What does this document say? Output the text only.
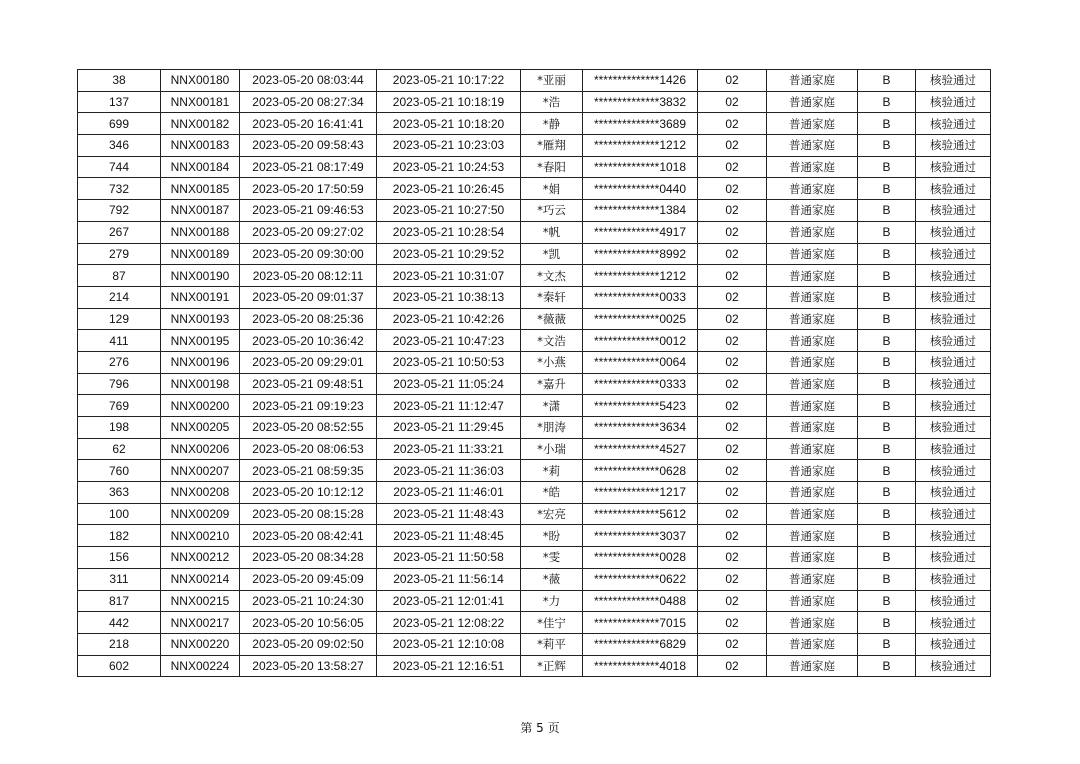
38	NNX00180	2023-05-20 08:03:44	2023-05-21 10:17:22	*亚丽	**************1426	02	普通家庭	B	核验通过
137	NNX00181	2023-05-20 08:27:34	2023-05-21 10:18:19	*浩	**************3832	02	普通家庭	B	核验通过
699	NNX00182	2023-05-20 16:41:41	2023-05-21 10:18:20	*静	**************3689	02	普通家庭	B	核验通过
346	NNX00183	2023-05-20 09:58:43	2023-05-21 10:23:03	*雁翔	**************1212	02	普通家庭	B	核验通过
744	NNX00184	2023-05-21 08:17:49	2023-05-21 10:24:53	*春阳	**************1018	02	普通家庭	B	核验通过
732	NNX00185	2023-05-20 17:50:59	2023-05-21 10:26:45	*娟	**************0440	02	普通家庭	B	核验通过
792	NNX00187	2023-05-21 09:46:53	2023-05-21 10:27:50	*巧云	**************1384	02	普通家庭	B	核验通过
267	NNX00188	2023-05-20 09:27:02	2023-05-21 10:28:54	*帆	**************4917	02	普通家庭	B	核验通过
279	NNX00189	2023-05-20 09:30:00	2023-05-21 10:29:52	*凯	**************8992	02	普通家庭	B	核验通过
87	NNX00190	2023-05-20 08:12:11	2023-05-21 10:31:07	*文杰	**************1212	02	普通家庭	B	核验通过
214	NNX00191	2023-05-20 09:01:37	2023-05-21 10:38:13	*秦轩	**************0033	02	普通家庭	B	核验通过
129	NNX00193	2023-05-20 08:25:36	2023-05-21 10:42:26	*薇薇	**************0025	02	普通家庭	B	核验通过
411	NNX00195	2023-05-20 10:36:42	2023-05-21 10:47:23	*文浩	**************0012	02	普通家庭	B	核验通过
276	NNX00196	2023-05-20 09:29:01	2023-05-21 10:50:53	*小燕	**************0064	02	普通家庭	B	核验通过
796	NNX00198	2023-05-21 09:48:51	2023-05-21 11:05:24	*嘉升	**************0333	02	普通家庭	B	核验通过
769	NNX00200	2023-05-21 09:19:23	2023-05-21 11:12:47	*潇	**************5423	02	普通家庭	B	核验通过
198	NNX00205	2023-05-20 08:52:55	2023-05-21 11:29:45	*朋涛	**************3634	02	普通家庭	B	核验通过
62	NNX00206	2023-05-20 08:06:53	2023-05-21 11:33:21	*小瑞	**************4527	02	普通家庭	B	核验通过
760	NNX00207	2023-05-21 08:59:35	2023-05-21 11:36:03	*莉	**************0628	02	普通家庭	B	核验通过
363	NNX00208	2023-05-20 10:12:12	2023-05-21 11:46:01	*皓	**************1217	02	普通家庭	B	核验通过
100	NNX00209	2023-05-20 08:15:28	2023-05-21 11:48:43	*宏亮	**************5612	02	普通家庭	B	核验通过
182	NNX00210	2023-05-20 08:42:41	2023-05-21 11:48:45	*盼	**************3037	02	普通家庭	B	核验通过
156	NNX00212	2023-05-20 08:34:28	2023-05-21 11:50:58	*雯	**************0028	02	普通家庭	B	核验通过
311	NNX00214	2023-05-20 09:45:09	2023-05-21 11:56:14	*薇	**************0622	02	普通家庭	B	核验通过
817	NNX00215	2023-05-21 10:24:30	2023-05-21 12:01:41	*力	**************0488	02	普通家庭	B	核验通过
442	NNX00217	2023-05-20 10:56:05	2023-05-21 12:08:22	*佳宁	**************7015	02	普通家庭	B	核验通过
218	NNX00220	2023-05-20 09:02:50	2023-05-21 12:10:08	*莉平	**************6829	02	普通家庭	B	核验通过
602	NNX00224	2023-05-20 13:58:27	2023-05-21 12:16:51	*正辉	**************4018	02	普通家庭	B	核验通过
第 5 页
